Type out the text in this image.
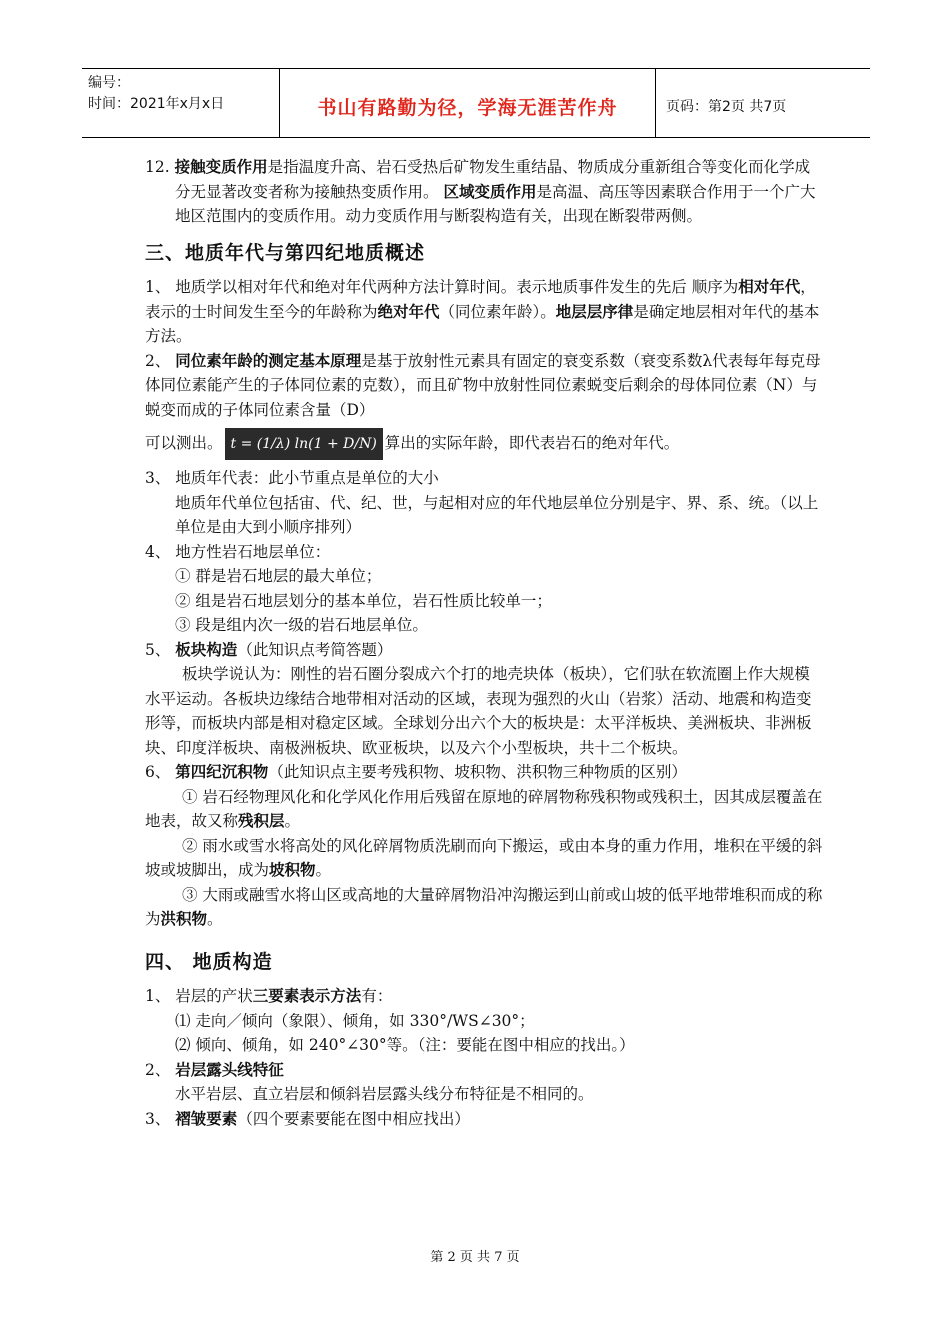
编号：
时间：2021年x月x日	书山有路勤为径，学海无涯苦作舟	页码：第2页 共7页

12. 接触变质作用是指温度升高、岩石受热后矿物发生重结晶、物质成分重新组合等变化而化学成分无显著改变者称为接触热变质作用。 区域变质作用是高温、高压等因素联合作用于一个广大地区范围内的变质作用。动力变质作用与断裂构造有关，出现在断裂带两侧。

三、地质年代与第四纪地质概述

1、 地质学以相对年代和绝对年代两种方法计算时间。表示地质事件发生的先后 顺序为相对年代，表示的士时间发生至今的年龄称为绝对年代（同位素年龄）。地层层序律是确定地层相对年代的基本方法。

2、 同位素年龄的测定基本原理是基于放射性元素具有固定的衰变系数（衰变系数λ代表每年每克母体同位素能产生的子体同位素的克数），而且矿物中放射性同位素蜕变后剩余的母体同位素（N）与蜕变而成的子体同位素含量（D）

可以测出。 t = (1/λ) ln(1 + D/N) 算出的实际年龄，即代表岩石的绝对年代。

3、 地质年代表：此小节重点是单位的大小

地质年代单位包括宙、代、纪、世，与起相对应的年代地层单位分别是宇、界、系、统。（以上单位是由大到小顺序排列）

4、 地方性岩石地层单位：

① 群是岩石地层的最大单位；

② 组是岩石地层划分的基本单位，岩石性质比较单一；

③ 段是组内次一级的岩石地层单位。

5、 板块构造（此知识点考简答题）

板块学说认为：刚性的岩石圈分裂成六个打的地壳块体（板块），它们驮在软流圈上作大规模水平运动。各板块边缘结合地带相对活动的区域，表现为强烈的火山（岩浆）活动、地震和构造变形等，而板块内部是相对稳定区域。全球划分出六个大的板块是：太平洋板块、美洲板块、非洲板块、印度洋板块、南极洲板块、欧亚板块，以及六个小型板块，共十二个板块。

6、 第四纪沉积物（此知识点主要考残积物、坡积物、洪积物三种物质的区别）

① 岩石经物理风化和化学风化作用后残留在原地的碎屑物称残积物或残积土，因其成层覆盖在地表，故又称残积层。

② 雨水或雪水将高处的风化碎屑物质洗刷而向下搬运，或由本身的重力作用，堆积在平缓的斜坡或坡脚出，成为坡积物。

③ 大雨或融雪水将山区或高地的大量碎屑物沿冲沟搬运到山前或山坡的低平地带堆积而成的称为洪积物。

四、 地质构造

1、 岩层的产状三要素表示方法有：

⑴ 走向／倾向（象限）、倾角，如 330°/WS∠30°；

⑵ 倾向、倾角，如 240°∠30°等。（注：要能在图中相应的找出。）

2、 岩层露头线特征

水平岩层、直立岩层和倾斜岩层露头线分布特征是不相同的。

3、 褶皱要素（四个要素要能在图中相应找出）

第 2 页 共 7 页
